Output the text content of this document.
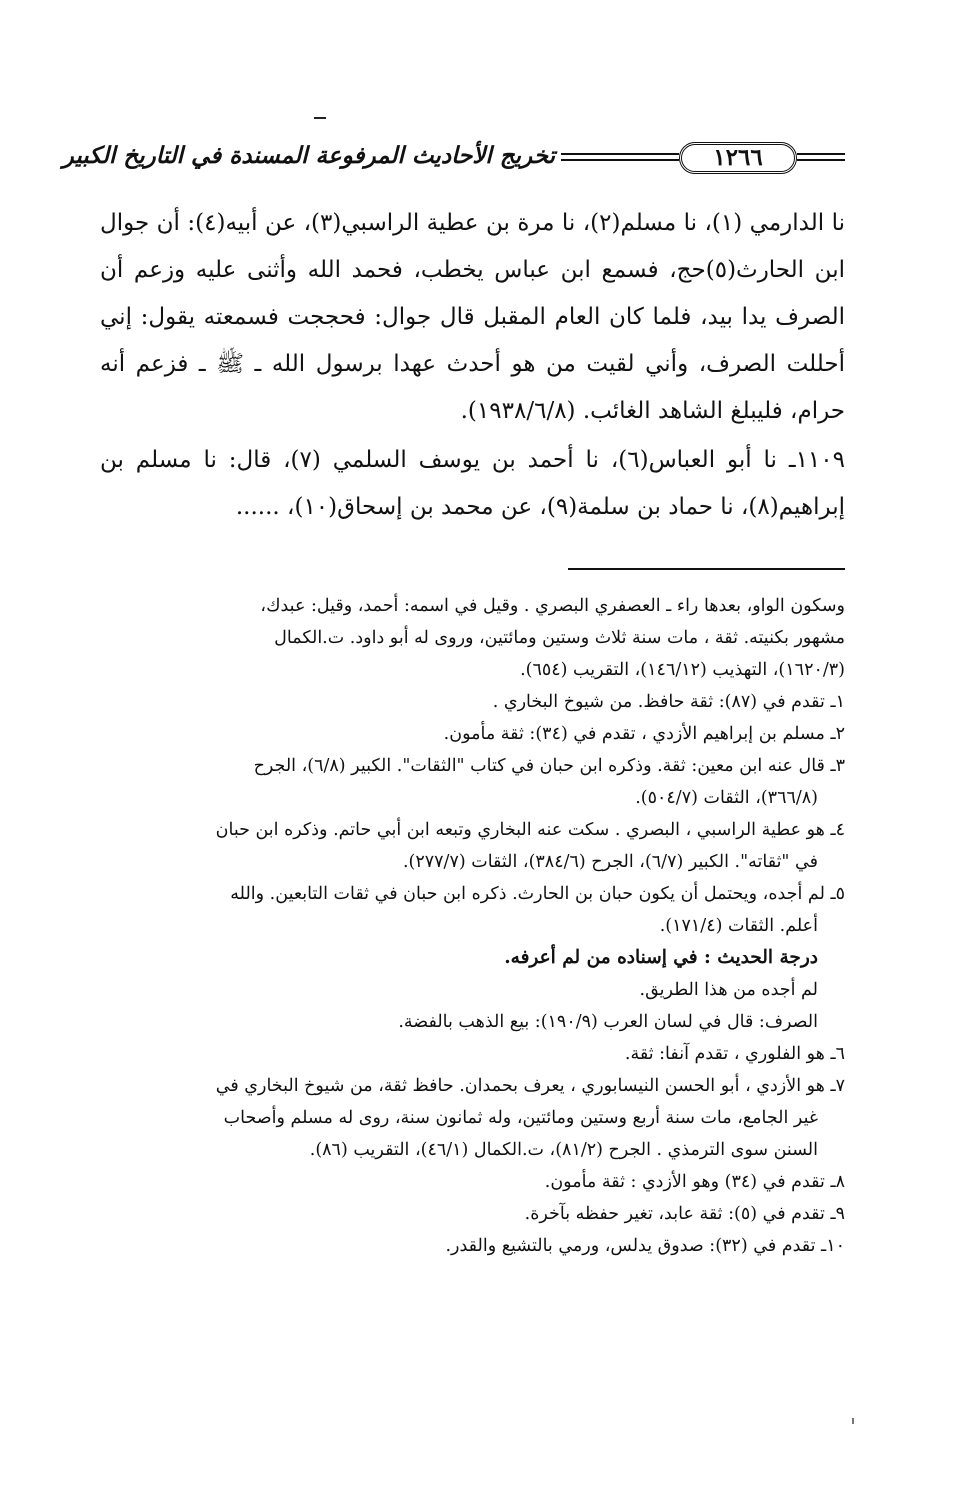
١٢٦٦
تخريج الأحاديث المرفوعة المسندة في التاريخ الكبير

نا الدارمي (١)، نا مسلم(٢)، نا مرة بن عطية الراسبي(٣)، عن أبيه(٤): أن جوال ابن الحارث(٥)حج، فسمع ابن عباس يخطب، فحمد الله وأثنى عليه وزعم أن الصرف يدا بيد، فلما كان العام المقبل قال جوال: فحججت فسمعته يقول: إني أحللت الصرف، وأني لقيت من هو أحدث عهدا برسول الله ـ ﷺ ـ فزعم أنه حرام، فليبلغ الشاهد الغائب. (١٩٣٨/٦/٨).

١١٠٩ـ نا أبو العباس(٦)، نا أحمد بن يوسف السلمي (٧)، قال: نا مسلم بن إبراهيم(٨)، نا حماد بن سلمة(٩)، عن محمد بن إسحاق(١٠)، ......

وسكون الواو، بعدها راء ـ العصفري البصري . وقيل في اسمه: أحمد، وقيل: عبدك،
مشهور بكنيته. ثقة ، مات سنة ثلاث وستين ومائتين، وروى له أبو داود. ت.الكمال
(١٦٢٠/٣)، التهذيب (١٤٦/١٢)، التقريب (٦٥٤).
١ـ تقدم في (٨٧): ثقة حافظ. من شيوخ البخاري .
٢ـ مسلم بن إبراهيم الأزدي ، تقدم في (٣٤): ثقة مأمون.
٣ـ قال عنه ابن معين: ثقة. وذكره ابن حبان في كتاب "الثقات". الكبير (٦/٨)، الجرح
(٣٦٦/٨)، الثقات (٥٠٤/٧).
٤ـ هو عطية الراسبي ، البصري . سكت عنه البخاري وتبعه ابن أبي حاتم. وذكره ابن حبان
في "ثقاته". الكبير (٦/٧)، الجرح (٣٨٤/٦)، الثقات (٢٧٧/٧).
٥ـ لم أجده، ويحتمل أن يكون حبان بن الحارث. ذكره ابن حبان في ثقات التابعين. والله
أعلم. الثقات (١٧١/٤).
درجة الحديث : في إسناده من لم أعرفه.
لم أجده من هذا الطريق.
الصرف: قال في لسان العرب (١٩٠/٩): بيع الذهب بالفضة.
٦ـ هو الفلوري ، تقدم آنفا: ثقة.
٧ـ هو الأزدي ، أبو الحسن النيسابوري ، يعرف بحمدان. حافظ ثقة، من شيوخ البخاري في
غير الجامع، مات سنة أربع وستين ومائتين، وله ثمانون سنة، روى له مسلم وأصحاب
السنن سوى الترمذي . الجرح (٨١/٢)، ت.الكمال (٤٦/١)، التقريب (٨٦).
٨ـ تقدم في (٣٤) وهو الأزدي : ثقة مأمون.
٩ـ تقدم في (٥): ثقة عابد، تغير حفظه بآخرة.
١٠ـ تقدم في (٣٢): صدوق يدلس، ورمي بالتشيع والقدر.
